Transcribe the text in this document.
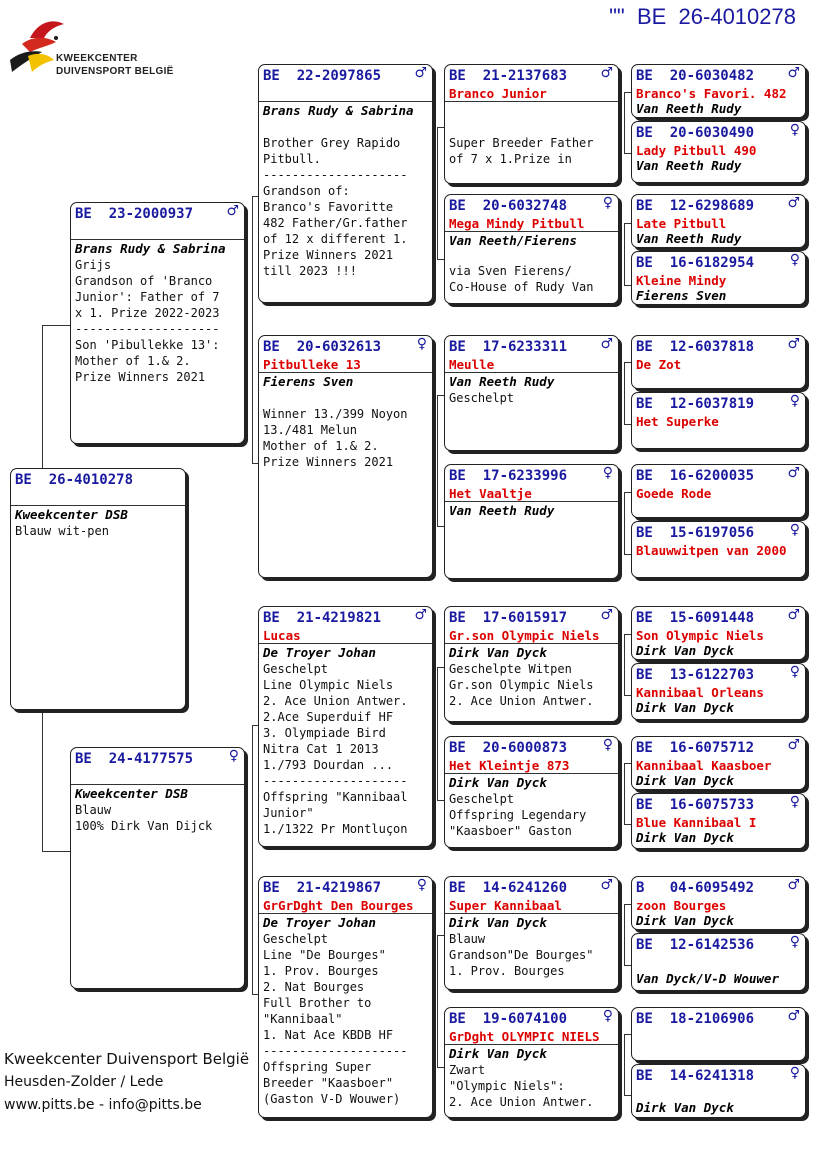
KWEEKCENTER
DUIVENSPORT BELGIË
""  BE  26-4010278
BE  26-4010278
Kweekcenter DSB
Blauw wit-pen
BE  23-2000937 ♂
Brans Rudy & Sabrina
Grijs
Grandson of 'Branco
Junior': Father of 7
x 1. Prize 2022-2023
--------------------
Son 'Pibullekke 13':
Mother of 1.& 2.
Prize Winners 2021
BE  24-4177575	♀
Kweekcenter DSB
Blauw
100% Dirk Van Dijck
BE  22-2097865 ♂
Brans Rudy & Sabrina
Brother Grey Rapido
Pitbull.
--------------------
Grandson of:
Branco's Favoritte
482 Father/Gr.father
of 12 x different 1.
Prize Winners 2021
till 2023 !!!
BE  20-6032613	♀
Pitbulleke 13
Fierens Sven
Winner 13./399 Noyon
13./481 Melun
Mother of 1.& 2.
Prize Winners 2021
BE  21-4219821 ♂
Lucas
De Troyer Johan
Geschelpt
Line Olympic Niels
2. Ace Union Antwer.
2.Ace Superduif HF
3. Olympiade Bird
Nitra Cat 1 2013
1./793 Dourdan ...
--------------------
Offspring "Kannibaal
Junior"
1./1322 Pr Montluçon
BE  21-4219867	♀
GrGrDght Den Bourges
De Troyer Johan
Geschelpt
Line "De Bourges"
1. Prov. Bourges
2. Nat Bourges
Full Brother to
"Kannibaal"
1. Nat Ace KBDB HF
--------------------
Offspring Super
Breeder "Kaasboer"
(Gaston V-D Wouwer)
BE  21-2137683 ♂
Branco Junior
Super Breeder Father
of 7 x 1.Prize in
BE  20-6032748	♀
Mega Mindy Pitbull
Van Reeth/Fierens
via Sven Fierens/
Co-House of Rudy Van
BE  17-6233311 ♂
Meulle
Van Reeth Rudy
Geschelpt
BE  17-6233996	♀
Het Vaaltje
Van Reeth Rudy
BE  17-6015917 ♂
Gr.son Olympic Niels
Dirk Van Dyck
Geschelpte Witpen
Gr.son Olympic Niels
2. Ace Union Antwer.
BE  20-6000873	♀
Het Kleintje 873
Dirk Van Dyck
Geschelpt
Offspring Legendary
"Kaasboer" Gaston
BE  14-6241260 ♂
Super Kannibaal
Dirk Van Dyck
Blauw
Grandson"De Bourges"
1. Prov. Bourges
BE  19-6074100	♀
GrDght OLYMPIC NIELS
Dirk Van Dyck
Zwart
"Olympic Niels":
2. Ace Union Antwer.
BE  20-6030482 ♂
Branco's Favori. 482
Van Reeth Rudy
BE  20-6030490	♀
Lady Pitbull 490
Van Reeth Rudy
BE  12-6298689 ♂
Late Pitbull
Van Reeth Rudy
BE  16-6182954	♀
Kleine Mindy
Fierens Sven
BE  12-6037818 ♂
De Zot
BE  12-6037819	♀
Het Superke
BE  16-6200035 ♂
Goede Rode
BE  15-6197056	♀
Blauwwitpen van 2000
BE  15-6091448 ♂
Son Olympic Niels
Dirk Van Dyck
BE  13-6122703	♀
Kannibaal Orleans
Dirk Van Dyck
BE  16-6075712 ♂
Kannibaal Kaasboer
Dirk Van Dyck
BE  16-6075733	♀
Blue Kannibaal I
Dirk Van Dyck
B   04-6095492 ♂
zoon Bourges
Dirk Van Dyck
BE  12-6142536	♀
Van Dyck/V-D Wouwer
BE  18-2106906 ♂
BE  14-6241318	♀
Dirk Van Dyck
Kweekcenter Duivensport België
Heusden-Zolder / Lede
www.pitts.be - info@pitts.be
